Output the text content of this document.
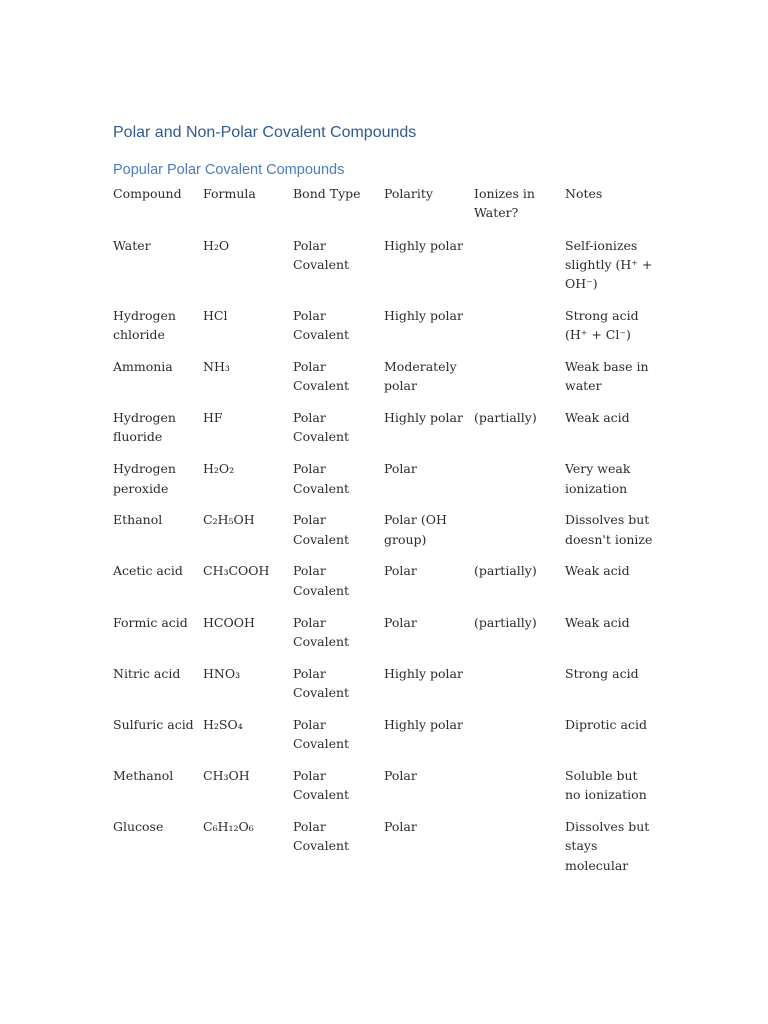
Polar and Non-Polar Covalent Compounds
Popular Polar Covalent Compounds
Compound	Formula	Bond Type	Polarity	Ionizes in Water?	Notes
Water	H₂O	Polar Covalent	Highly polar		Self-ionizes slightly (H⁺ + OH⁻)
Hydrogen chloride	HCl	Polar Covalent	Highly polar		Strong acid (H⁺ + Cl⁻)
Ammonia	NH₃	Polar Covalent	Moderately polar		Weak base in water
Hydrogen fluoride	HF	Polar Covalent	Highly polar	(partially)	Weak acid
Hydrogen peroxide	H₂O₂	Polar Covalent	Polar		Very weak ionization
Ethanol	C₂H₅OH	Polar Covalent	Polar (OH group)		Dissolves but doesn't ionize
Acetic acid	CH₃COOH	Polar Covalent	Polar	(partially)	Weak acid
Formic acid	HCOOH	Polar Covalent	Polar	(partially)	Weak acid
Nitric acid	HNO₃	Polar Covalent	Highly polar		Strong acid
Sulfuric acid	H₂SO₄	Polar Covalent	Highly polar		Diprotic acid
Methanol	CH₃OH	Polar Covalent	Polar		Soluble but no ionization
Glucose	C₆H₁₂O₆	Polar Covalent	Polar		Dissolves but stays molecular
